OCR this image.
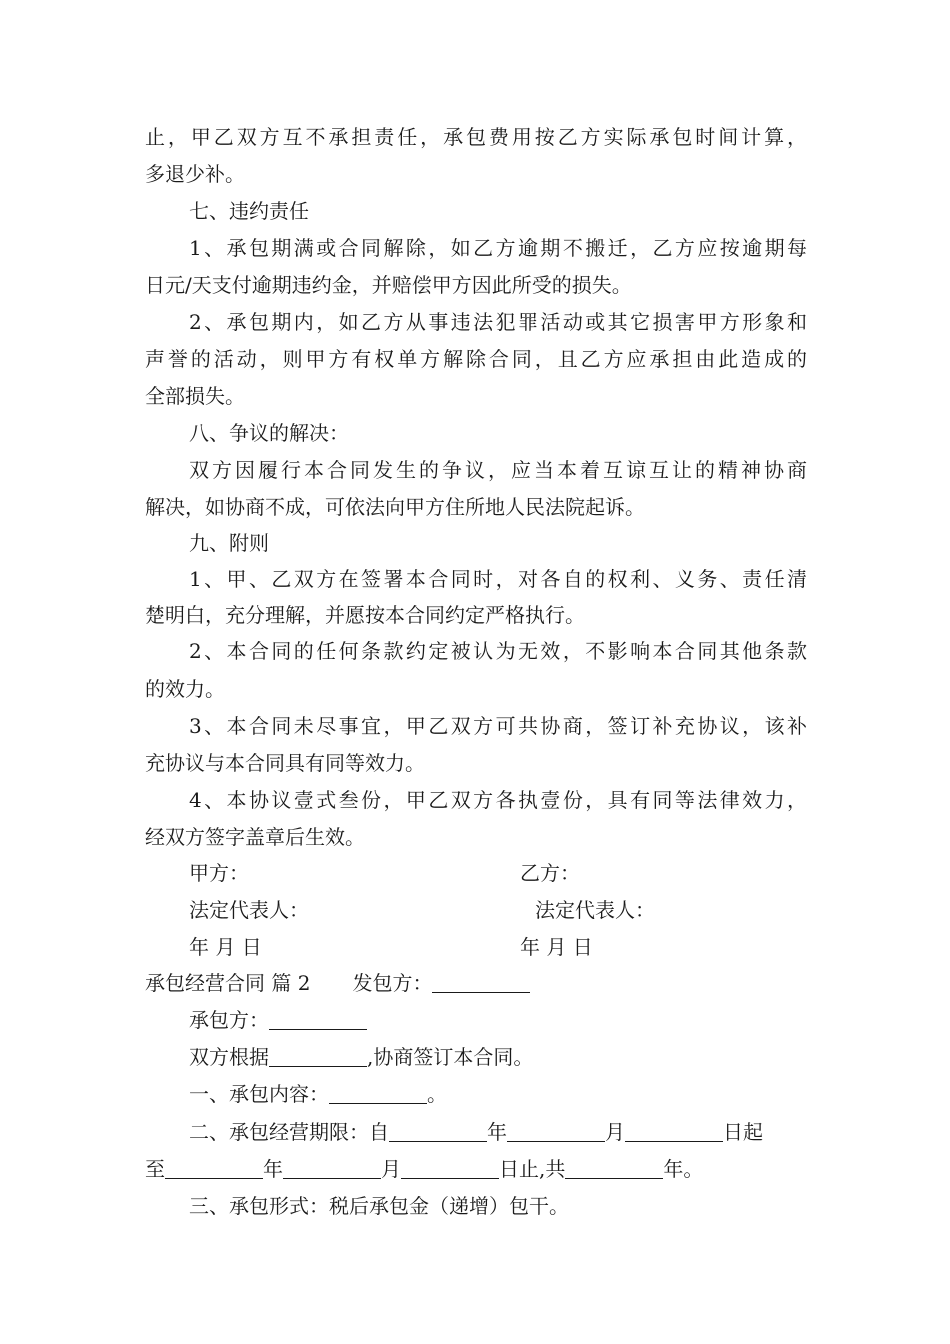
止，甲乙双方互不承担责任，承包费用按乙方实际承包时间计算，
多退少补。
七、违约责任
1、承包期满或合同解除，如乙方逾期不搬迁，乙方应按逾期每
日元/天支付逾期违约金，并赔偿甲方因此所受的损失。
2、承包期内，如乙方从事违法犯罪活动或其它损害甲方形象和
声誉的活动，则甲方有权单方解除合同，且乙方应承担由此造成的
全部损失。
八、争议的解决：
双方因履行本合同发生的争议，应当本着互谅互让的精神协商
解决，如协商不成，可依法向甲方住所地人民法院起诉。
九、附则
1、甲、乙双方在签署本合同时，对各自的权利、义务、责任清
楚明白，充分理解，并愿按本合同约定严格执行。
2、本合同的任何条款约定被认为无效，不影响本合同其他条款
的效力。
3、本合同未尽事宜，甲乙双方可共协商，签订补充协议，该补
充协议与本合同具有同等效力。
4、本协议壹式叁份，甲乙双方各执壹份，具有同等法律效力，
经双方签字盖章后生效。
甲方：	乙方：
法定代表人：	法定代表人：
年 月 日	年 月 日
承包经营合同 篇 2 发包方：
承包方：
双方根据	,协商签订本合同。
一、承包内容：	。
二、承包经营期限：自	年	月	日起
至	年	月	日止,共	年。
三、承包形式：税后承包金（递增）包干。
